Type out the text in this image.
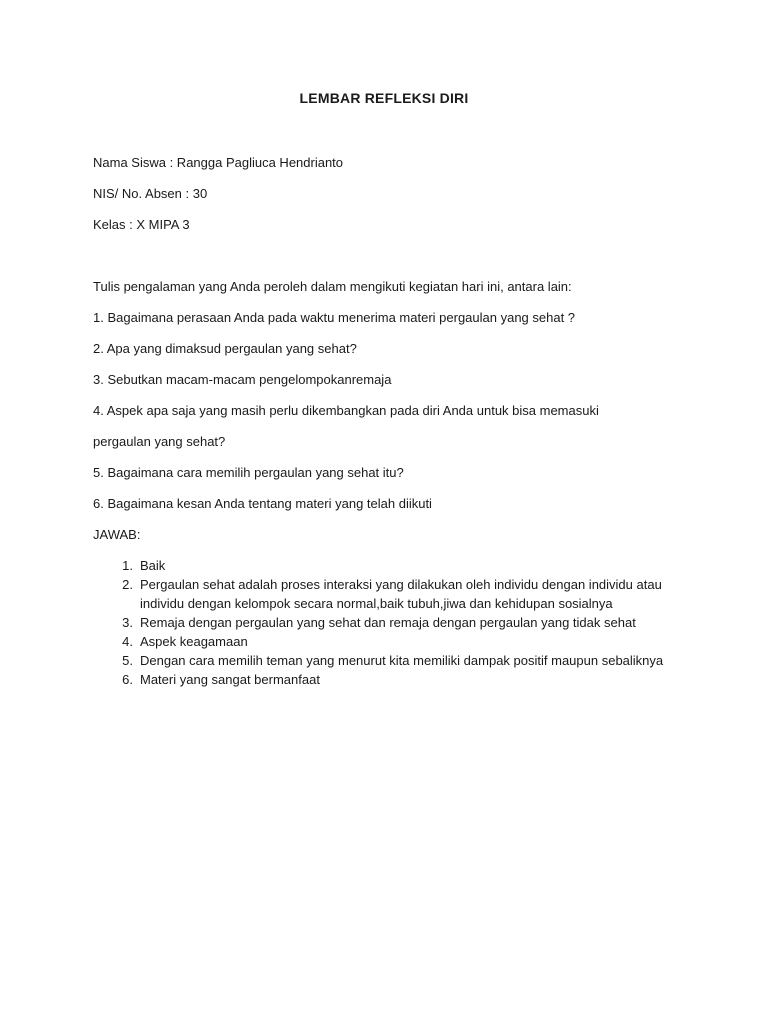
LEMBAR REFLEKSI DIRI
Nama Siswa : Rangga Pagliuca Hendrianto
NIS/ No. Absen : 30
Kelas : X MIPA 3
Tulis pengalaman yang Anda peroleh dalam mengikuti kegiatan hari ini, antara lain:
1. Bagaimana perasaan Anda pada waktu menerima materi pergaulan yang sehat ?
2. Apa yang dimaksud pergaulan yang sehat?
3. Sebutkan macam-macam pengelompokanremaja
4. Aspek apa saja yang masih perlu dikembangkan pada diri Anda untuk bisa memasuki
pergaulan yang sehat?
5. Bagaimana cara memilih pergaulan yang sehat itu?
6. Bagaimana kesan Anda tentang materi yang telah diikuti
JAWAB:
1. Baik
2. Pergaulan sehat adalah proses interaksi yang dilakukan oleh individu dengan individu atau individu dengan kelompok secara normal,baik tubuh,jiwa dan kehidupan sosialnya
3. Remaja dengan pergaulan yang sehat dan remaja dengan pergaulan yang tidak sehat
4. Aspek keagamaan
5. Dengan cara memilih teman yang menurut kita memiliki dampak positif maupun sebaliknya
6. Materi yang sangat bermanfaat
